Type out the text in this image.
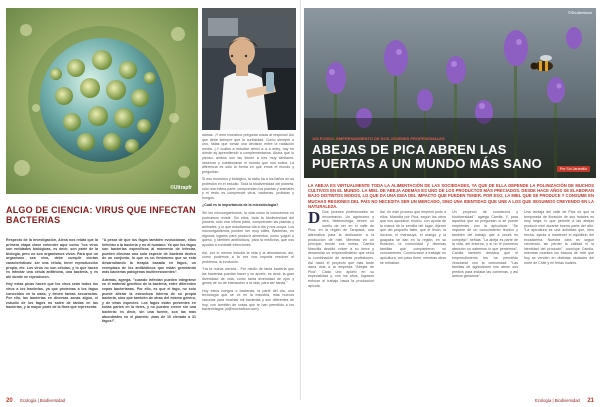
©Ultrapfr

dianas. ¡Y eme monstruo pregunta cosas al respecto! Así que debe siempre que la curiosidad. Como siempre a uno, fallas que tomar una decisión entre la radiación media. ¿Y cuáles a estudiar cienci a a a artey, hay en dónde ay aprendiendo a complementarios. Ahora que lo pienso, ambos son las tienen a ríes muy similares: observar y cuestionarse el mundo que nos rodea. La diferencia es sólo la forma en que emos el mundo y preguntas.

Si eso monstruo y biológico, la radio ha a los daños en su profesión en el estudio. Toda la biodiversidad del planeta, sólo una infima parte, comprenden los plantas y animales y el resto es comprende virus, bacterias, protistas y hongos.

¿Cuál es la importancia de la microbiología?

Sin los microorganismos, la vida como la conocemos no podríamos existir. Sin ellos, toda la biodiversidad del planeta, sólo una ínfima parte, comprenden las plantas y animales, y lo que estudiamos día a día y nos ocupa. Los microorganismos pueden ser muy útiles, Bacterias, en algunos lugares para producir alimentos, como yogurt o queso, y también antibióticos, para la medicina, que nos ayudan a combatir infecciones.

Así, por lo menos estudia la vida y la abundancia, así, como podemos a la vez nos importa resolver el problema, la evolución.

"Ha la nueva ciencia... Por medio de tanta bacteria que las bacterias puedan hacer y su aporte, es decir, la gran diversidad de vida, como tanta diversidad de ojos y genes de no de interacción a la vida, para ser sanas."

Hoy estos hongos o bacterias, la parte del día, una tecnología que se ve en la industria, más nuevos vacunas para muchas mil bacterias y son diferentes de hoy, con también de cosas que te han permitido a los bacteriófagos (cl@muchafluor.com).

ALGO DE CIENCIA: VIRUS QUE INFECTAN BACTERIAS

Respecto de la investigación, Alexa nos relata que la primera etapa clave entender aquí como "los virus son entidades biológicas, es decir, son parte de la biología, pero no son organismos vivos. Para que un organismo sea vivo, debe cumplir ciertas características: ser una célula, tener reproducción propia, etc. Los virus no son células, y lo que hacen es infectar una célula anfitriona, una bacteria, y es ahí donde se reproducen.

Hoy estas picas hacen que los virus sean todos los virus a los bacterias, ya que proteínas a los fagos conocidos en la nada, y tienen tantas secuencias. Por ello, las bacterias en diversas zonas algún, el estudio de los fagos no salen de tantas en las bacterias, y la mayor parte de la flora que representa.

"A pesar de que los fagos también evolucionan, ellos infectan a la bacteria y no al humano. Ya que los fagos son bacterias específicos al momento de infectar, pueden eliminar una sola especie de bacteria dentro de un conjunto, lo que es un fenómeno que se está desarrollando la terapia basada en fagos, un reemplazo de los antibióticos que están generando más bacterias patógenas multirresistentes".

Además, agrega, "cuando infectan pueden integrarse en el material genético de la bacteria, entre diferentes cepas bacterianas. Por ello, es que el fago, no solo puede alterar la estructura interna de su propia bacteria, sino que también de otras del mismo género, y de otras especies. Los fagos están presentes en todas partes en la tierra, y no pueden crecer sin una bacteria: es decir, sin una fuente, son las más abundantes en el planeta: ¡más de 10 elevado a 31 fagos!".

20 Ecología | Biodiversidad
©Shutterstock
100 FOSSO: EMPRENDIMIENTO DE DOS JÓVENES PROFESIONALES
ABEJAS DE PICA ABREN LAS
PUERTAS A UN MUNDO MÁS SANO	Por Sol Jaramillo
LA ABEJA ES VIRTUALMENTE TODA LA ALIMENTACIÓN DE LAS SOCIEDADES, YA QUE DE ELLA DEPENDE LA POLINIZACIÓN DE MUCHOS CULTIVOS EN EL MUNDO. LA MIEL DE ABEJA ADEMÁS ES UNO DE LOS PRODUCTOS MÁS PRECIADOS. DESDE HACE AÑOS SE ELABORAN BAJO DISTINTOS MODOS, LO QUE DA UNA IDEA DEL IMPACTO QUE PUEDEN TENER. POR ESO, LA MIEL QUE SE PRODUCE Y CONSUME EN MUCHAS REGIONES DEL PAÍS NO NECESITA SER UN MERCADO, SINO UNA IDENTIDAD QUE UNE A LOS QUE SEGUIMOS CREYENDO EN LA NATURALEZA.
D Dos jóvenes profesionales se encontraron. Un agrónomo y otra, biotecnóloga, tienen un sueño de ver en el valle de Pica, en la región de Tarapacá, una alternativa para la dedicación a la producción de miel. Mientras en un principio tenían sus metas, Camila Mancilla decidió volver a su tierra y desarrollar un emprendimiento que sería la combinación de ambas profesiones. Así nació el proyecto que más tarde daría vida a la empresa "Abejas de Pica". Cada uno aportó en su especialidad y, con los años, lograron enfocar el trabajo hacia la producción apícola.
Así, en este proceso que empezó junto a ellos, Mancilla por Pica, según los otros que nos ayudaron mucho, con ayuda de la marca de la semilla del lugar, dijeron que del pequeño taller, que el limón, la lúcuma, el maracuyá, el mango y la guayaba se dan en la región, en su floración, la comunidad y diversas familias que compartieron su conocimiento. Comenzaron a trabajar en apicultura, con paso firme, mientras otros se retiraban.
Un proyecto de conciencia y biodiversidad", agrega Camila. Y, para aquellos que se preguntan si se puede emprender con la apicultura: "Se requiere de un conocimiento técnico y también del trabajo que a veces es complejo", señala. "La abeja es parte de la vida, del entorno, y si no le ponemos atención no sabemos lo que perdemos". Camila también destaca que el emprendimiento les ha permitido vincularse con la comunidad: "Las familias de agricultores nos abren sus predios para instalar las colmenas, y así ambos ganamos".
Una ventaja del valle de Pica es que la temporada de floración de sus frutales es muy larga, lo que permite a las abejas producir miel durante buena parte del año. "La apicultura es una actividad que, bien hecha, ayuda a mantener el equilibrio del ecosistema. Nuestra idea es seguir creciendo, sin perder la calidad ni la identidad del producto", concluye Camila, mientras muestra los frascos de miel que hoy se venden en distintas ciudades del norte de Chile y en ferias locales.
Ecología | Biodiversidad 21
